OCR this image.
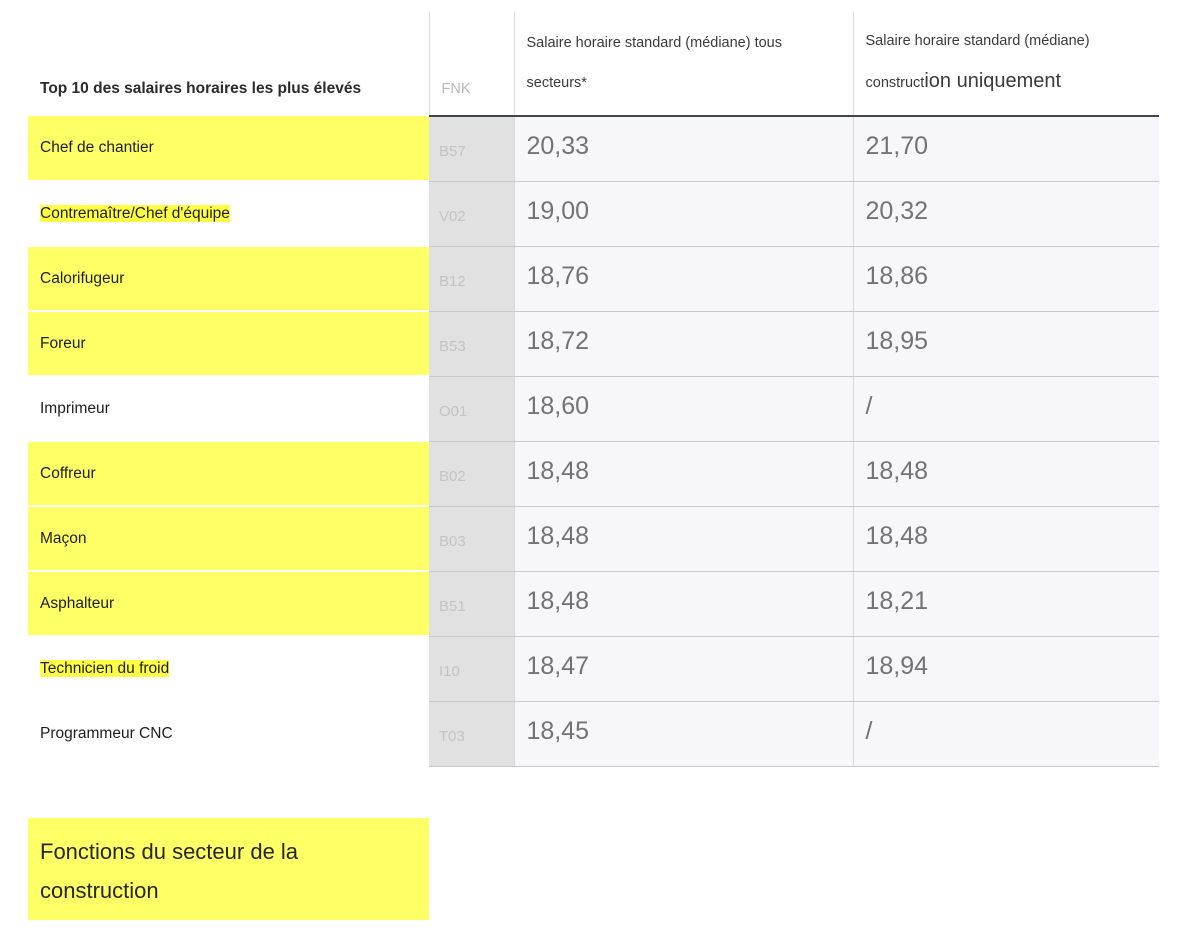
Top 10 des salaires horaires les plus élevés	FNK	Salaire horaire standard (médiane) tous secteurs*	Salaire horaire standard (médiane) construction uniquement
Chef de chantier	B57	20,33	21,70
Contremaître/Chef d'équipe	V02	19,00	20,32
Calorifugeur	B12	18,76	18,86
Foreur	B53	18,72	18,95
Imprimeur	O01	18,60	/
Coffreur	B02	18,48	18,48
Maçon	B03	18,48	18,48
Asphalteur	B51	18,48	18,21
Technicien du froid	I10	18,47	18,94
Programmeur CNC	T03	18,45	/
Fonctions du secteur de la construction
